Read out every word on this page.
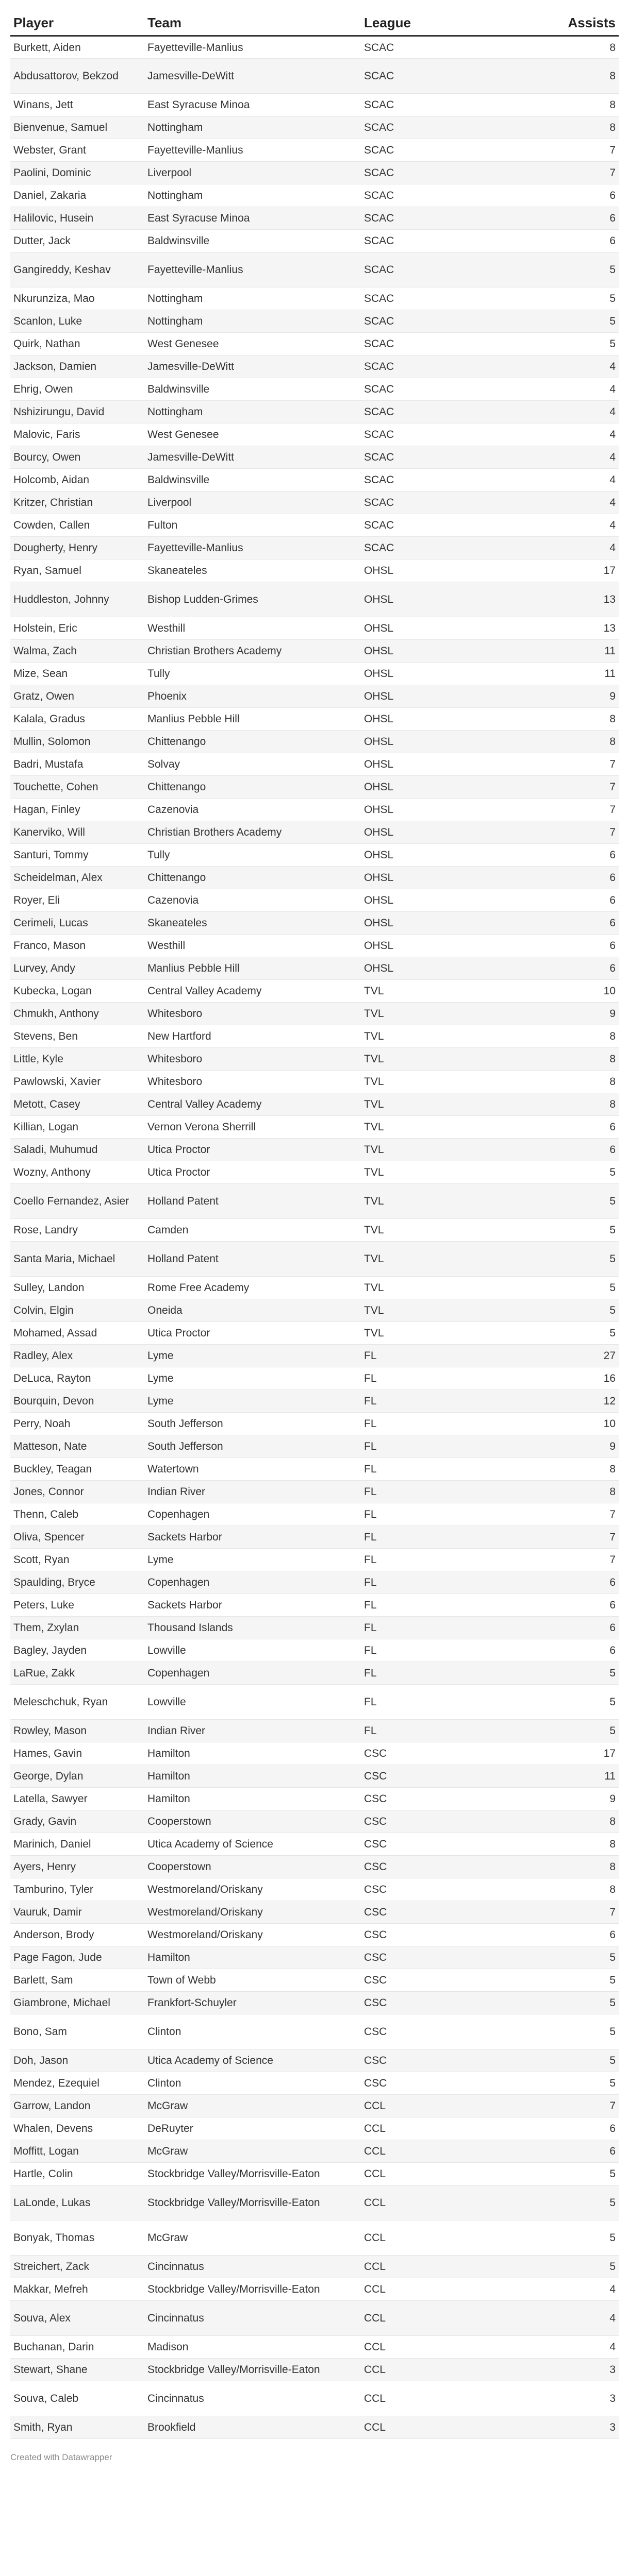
Player	Team	League	Assists
Burkett, Aiden	Fayetteville-Manlius	SCAC	8
Abdusattorov, Bekzod	Jamesville-DeWitt	SCAC	8
Winans, Jett	East Syracuse Minoa	SCAC	8
Bienvenue, Samuel	Nottingham	SCAC	8
Webster, Grant	Fayetteville-Manlius	SCAC	7
Paolini, Dominic	Liverpool	SCAC	7
Daniel, Zakaria	Nottingham	SCAC	6
Halilovic, Husein	East Syracuse Minoa	SCAC	6
Dutter, Jack	Baldwinsville	SCAC	6
Gangireddy, Keshav	Fayetteville-Manlius	SCAC	5
Nkurunziza, Mao	Nottingham	SCAC	5
Scanlon, Luke	Nottingham	SCAC	5
Quirk, Nathan	West Genesee	SCAC	5
Jackson, Damien	Jamesville-DeWitt	SCAC	4
Ehrig, Owen	Baldwinsville	SCAC	4
Nshizirungu, David	Nottingham	SCAC	4
Malovic, Faris	West Genesee	SCAC	4
Bourcy, Owen	Jamesville-DeWitt	SCAC	4
Holcomb, Aidan	Baldwinsville	SCAC	4
Kritzer, Christian	Liverpool	SCAC	4
Cowden, Callen	Fulton	SCAC	4
Dougherty, Henry	Fayetteville-Manlius	SCAC	4
Ryan, Samuel	Skaneateles	OHSL	17
Huddleston, Johnny	Bishop Ludden-Grimes	OHSL	13
Holstein, Eric	Westhill	OHSL	13
Walma, Zach	Christian Brothers Academy	OHSL	11
Mize, Sean	Tully	OHSL	11
Gratz, Owen	Phoenix	OHSL	9
Kalala, Gradus	Manlius Pebble Hill	OHSL	8
Mullin, Solomon	Chittenango	OHSL	8
Badri, Mustafa	Solvay	OHSL	7
Touchette, Cohen	Chittenango	OHSL	7
Hagan, Finley	Cazenovia	OHSL	7
Kanerviko, Will	Christian Brothers Academy	OHSL	7
Santuri, Tommy	Tully	OHSL	6
Scheidelman, Alex	Chittenango	OHSL	6
Royer, Eli	Cazenovia	OHSL	6
Cerimeli, Lucas	Skaneateles	OHSL	6
Franco, Mason	Westhill	OHSL	6
Lurvey, Andy	Manlius Pebble Hill	OHSL	6
Kubecka, Logan	Central Valley Academy	TVL	10
Chmukh, Anthony	Whitesboro	TVL	9
Stevens, Ben	New Hartford	TVL	8
Little, Kyle	Whitesboro	TVL	8
Pawlowski, Xavier	Whitesboro	TVL	8
Metott, Casey	Central Valley Academy	TVL	8
Killian, Logan	Vernon Verona Sherrill	TVL	6
Saladi, Muhumud	Utica Proctor	TVL	6
Wozny, Anthony	Utica Proctor	TVL	5
Coello Fernandez, Asier	Holland Patent	TVL	5
Rose, Landry	Camden	TVL	5
Santa Maria, Michael	Holland Patent	TVL	5
Sulley, Landon	Rome Free Academy	TVL	5
Colvin, Elgin	Oneida	TVL	5
Mohamed, Assad	Utica Proctor	TVL	5
Radley, Alex	Lyme	FL	27
DeLuca, Rayton	Lyme	FL	16
Bourquin, Devon	Lyme	FL	12
Perry, Noah	South Jefferson	FL	10
Matteson, Nate	South Jefferson	FL	9
Buckley, Teagan	Watertown	FL	8
Jones, Connor	Indian River	FL	8
Thenn, Caleb	Copenhagen	FL	7
Oliva, Spencer	Sackets Harbor	FL	7
Scott, Ryan	Lyme	FL	7
Spaulding, Bryce	Copenhagen	FL	6
Peters, Luke	Sackets Harbor	FL	6
Them, Zxylan	Thousand Islands	FL	6
Bagley, Jayden	Lowville	FL	6
LaRue, Zakk	Copenhagen	FL	5
Meleschchuk, Ryan	Lowville	FL	5
Rowley, Mason	Indian River	FL	5
Hames, Gavin	Hamilton	CSC	17
George, Dylan	Hamilton	CSC	11
Latella, Sawyer	Hamilton	CSC	9
Grady, Gavin	Cooperstown	CSC	8
Marinich, Daniel	Utica Academy of Science	CSC	8
Ayers, Henry	Cooperstown	CSC	8
Tamburino, Tyler	Westmoreland/Oriskany	CSC	8
Vauruk, Damir	Westmoreland/Oriskany	CSC	7
Anderson, Brody	Westmoreland/Oriskany	CSC	6
Page Fagon, Jude	Hamilton	CSC	5
Barlett, Sam	Town of Webb	CSC	5
Giambrone, Michael	Frankfort-Schuyler	CSC	5
Bono, Sam	Clinton	CSC	5
Doh, Jason	Utica Academy of Science	CSC	5
Mendez, Ezequiel	Clinton	CSC	5
Garrow, Landon	McGraw	CCL	7
Whalen, Devens	DeRuyter	CCL	6
Moffitt, Logan	McGraw	CCL	6
Hartle, Colin	Stockbridge Valley/Morrisville-Eaton	CCL	5
LaLonde, Lukas	Stockbridge Valley/Morrisville-Eaton	CCL	5
Bonyak, Thomas	McGraw	CCL	5
Streichert, Zack	Cincinnatus	CCL	5
Makkar, Mefreh	Stockbridge Valley/Morrisville-Eaton	CCL	4
Souva, Alex	Cincinnatus	CCL	4
Buchanan, Darin	Madison	CCL	4
Stewart, Shane	Stockbridge Valley/Morrisville-Eaton	CCL	3
Souva, Caleb	Cincinnatus	CCL	3
Smith, Ryan	Brookfield	CCL	3
Created with Datawrapper
